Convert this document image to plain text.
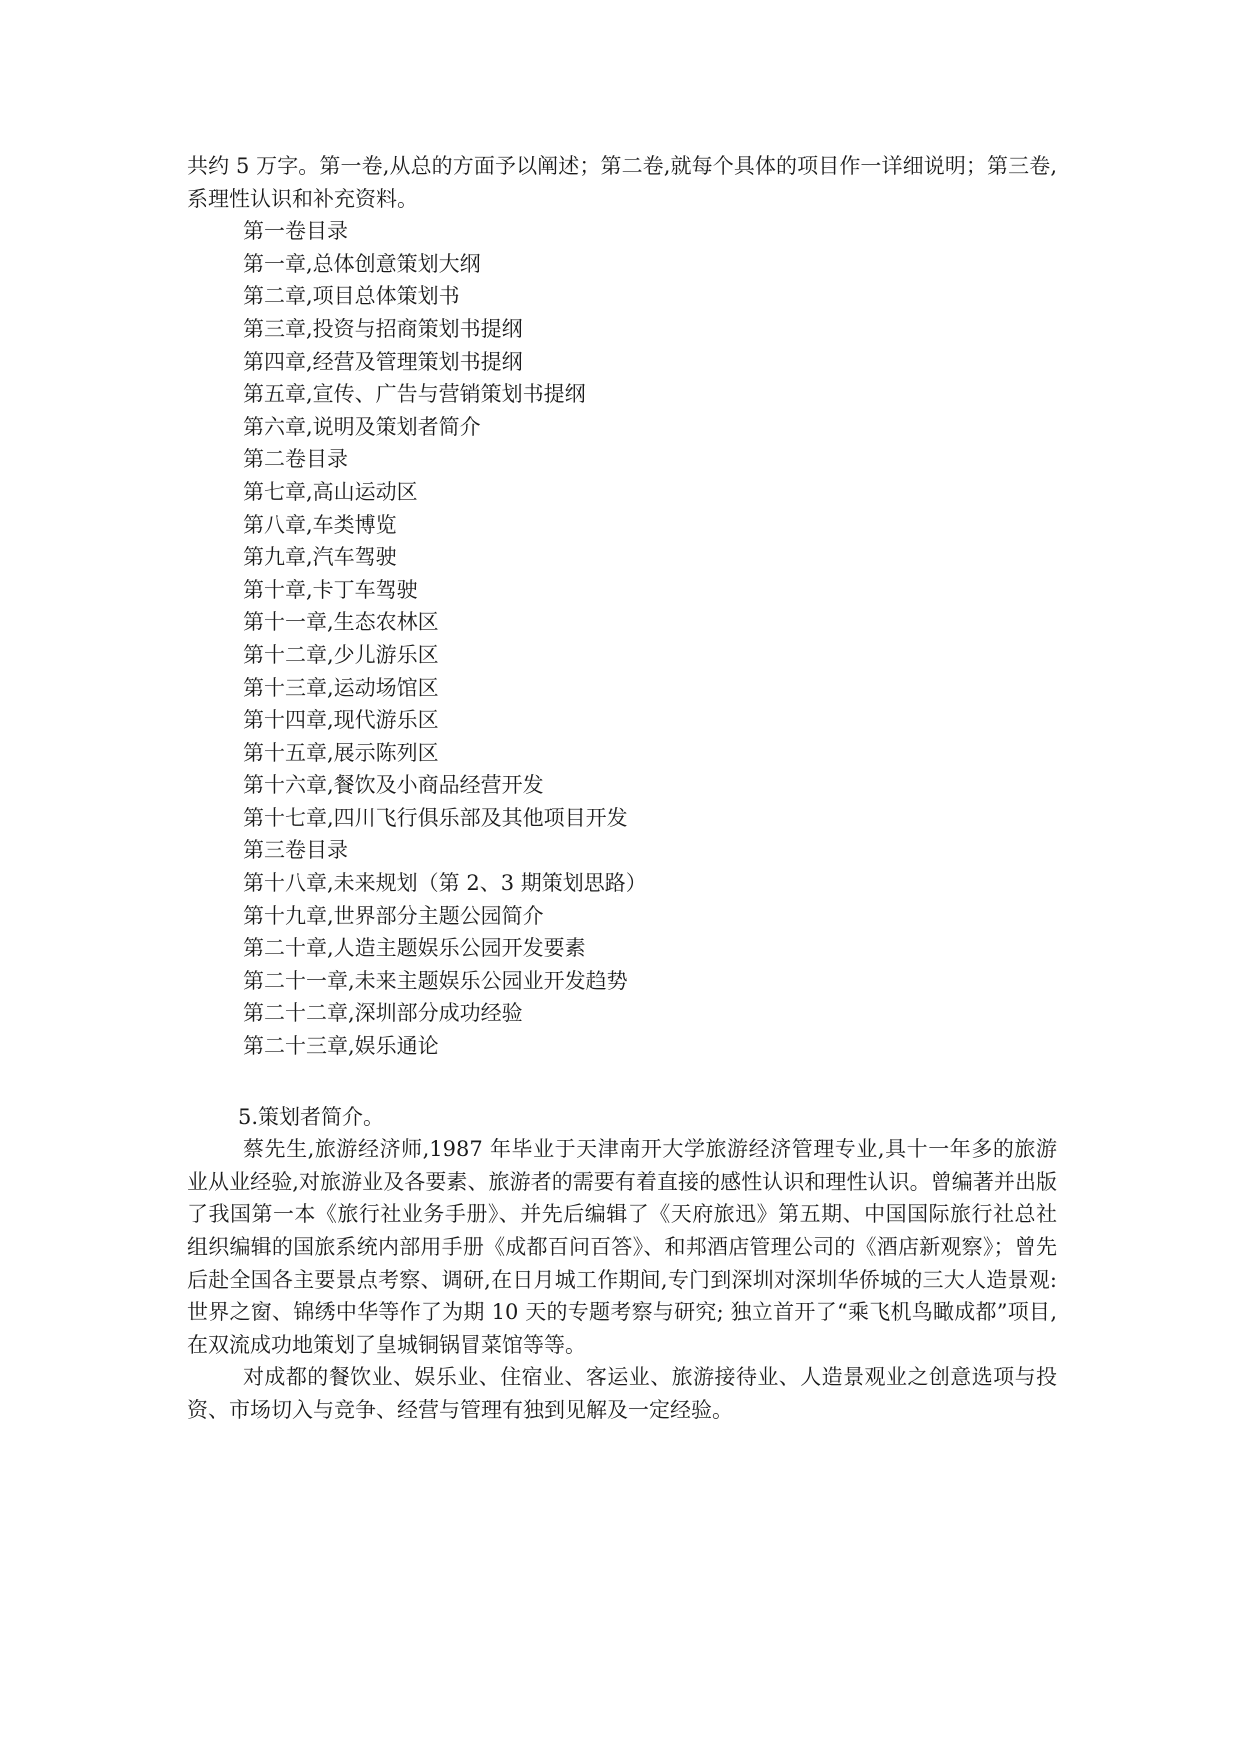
共约 5 万字。第一卷,从总的方面予以阐述；第二卷,就每个具体的项目作一详细说明；第三卷,系理性认识和补充资料。

第一卷目录
第一章,总体创意策划大纲
第二章,项目总体策划书
第三章,投资与招商策划书提纲
第四章,经营及管理策划书提纲
第五章,宣传、广告与营销策划书提纲
第六章,说明及策划者简介
第二卷目录
第七章,高山运动区
第八章,车类博览
第九章,汽车驾驶
第十章,卡丁车驾驶
第十一章,生态农林区
第十二章,少儿游乐区
第十三章,运动场馆区
第十四章,现代游乐区
第十五章,展示陈列区
第十六章,餐饮及小商品经营开发
第十七章,四川飞行俱乐部及其他项目开发
第三卷目录
第十八章,未来规划（第 2、3 期策划思路）
第十九章,世界部分主题公园简介
第二十章,人造主题娱乐公园开发要素
第二十一章,未来主题娱乐公园业开发趋势
第二十二章,深圳部分成功经验
第二十三章,娱乐通论

5.策划者简介。

蔡先生,旅游经济师,1987 年毕业于天津南开大学旅游经济管理专业,具十一年多的旅游业从业经验,对旅游业及各要素、旅游者的需要有着直接的感性认识和理性认识。曾编著并出版了我国第一本《旅行社业务手册》、并先后编辑了《天府旅迅》第五期、中国国际旅行社总社组织编辑的国旅系统内部用手册《成都百问百答》、和邦酒店管理公司的《酒店新观察》；曾先后赴全国各主要景点考察、调研,在日月城工作期间,专门到深圳对深圳华侨城的三大人造景观: 世界之窗、锦绣中华等作了为期 10 天的专题考察与研究; 独立首开了“乘飞机鸟瞰成都”项目,在双流成功地策划了皇城铜锅冒菜馆等等。

对成都的餐饮业、娱乐业、住宿业、客运业、旅游接待业、人造景观业之创意选项与投资、市场切入与竞争、经营与管理有独到见解及一定经验。
